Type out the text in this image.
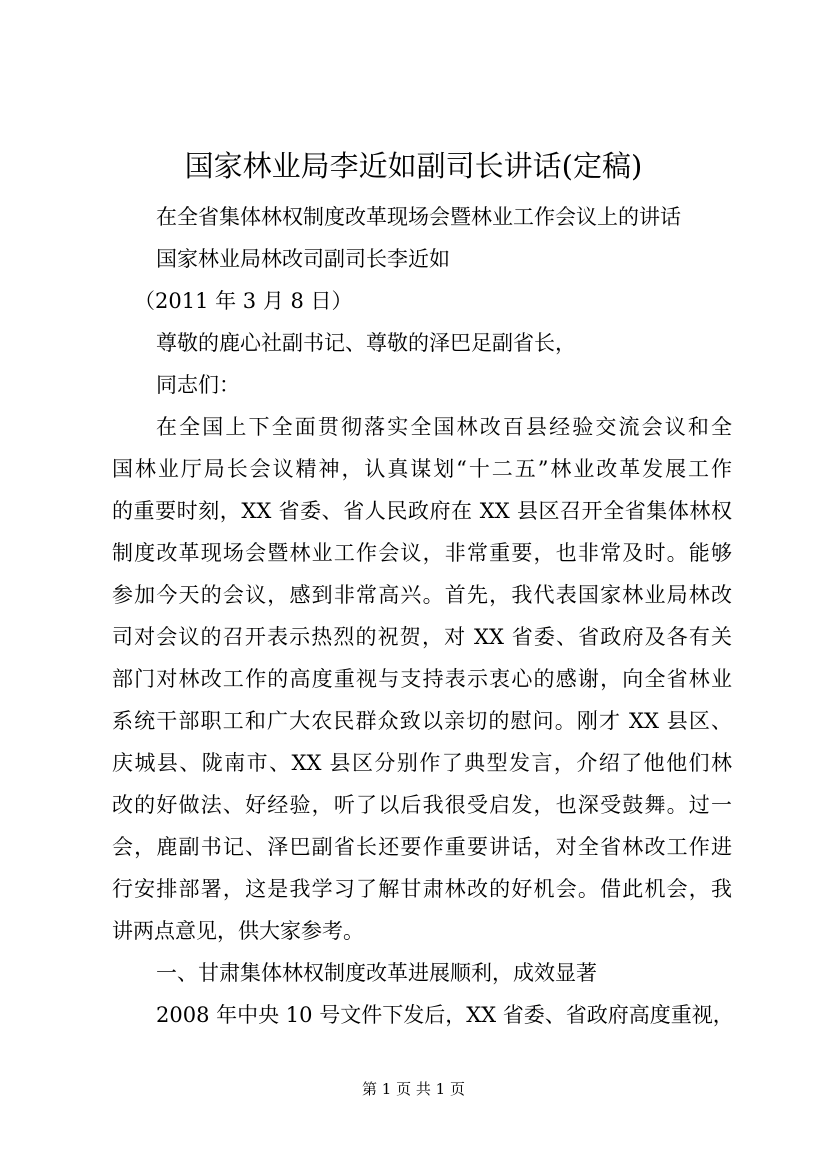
国家林业局李近如副司长讲话(定稿)
在全省集体林权制度改革现场会暨林业工作会议上的讲话
国家林业局林改司副司长李近如
（2011 年 3 月 8 日）
尊敬的鹿心社副书记、尊敬的泽巴足副省长，
同志们：
在全国上下全面贯彻落实全国林改百县经验交流会议和全
国林业厅局长会议精神，认真谋划“十二五”林业改革发展工作
的重要时刻，XX 省委、省人民政府在 XX 县区召开全省集体林权
制度改革现场会暨林业工作会议，非常重要，也非常及时。能够
参加今天的会议，感到非常高兴。首先，我代表国家林业局林改
司对会议的召开表示热烈的祝贺，对 XX 省委、省政府及各有关
部门对林改工作的高度重视与支持表示衷心的感谢，向全省林业
系统干部职工和广大农民群众致以亲切的慰问。刚才 XX 县区、
庆城县、陇南市、XX 县区分别作了典型发言，介绍了他他们林
改的好做法、好经验，听了以后我很受启发，也深受鼓舞。过一
会，鹿副书记、泽巴副省长还要作重要讲话，对全省林改工作进
行安排部署，这是我学习了解甘肃林改的好机会。借此机会，我
讲两点意见，供大家参考。
一、甘肃集体林权制度改革进展顺利，成效显著
2008 年中央 10 号文件下发后，XX 省委、省政府高度重视，
第 1 页 共 1 页
